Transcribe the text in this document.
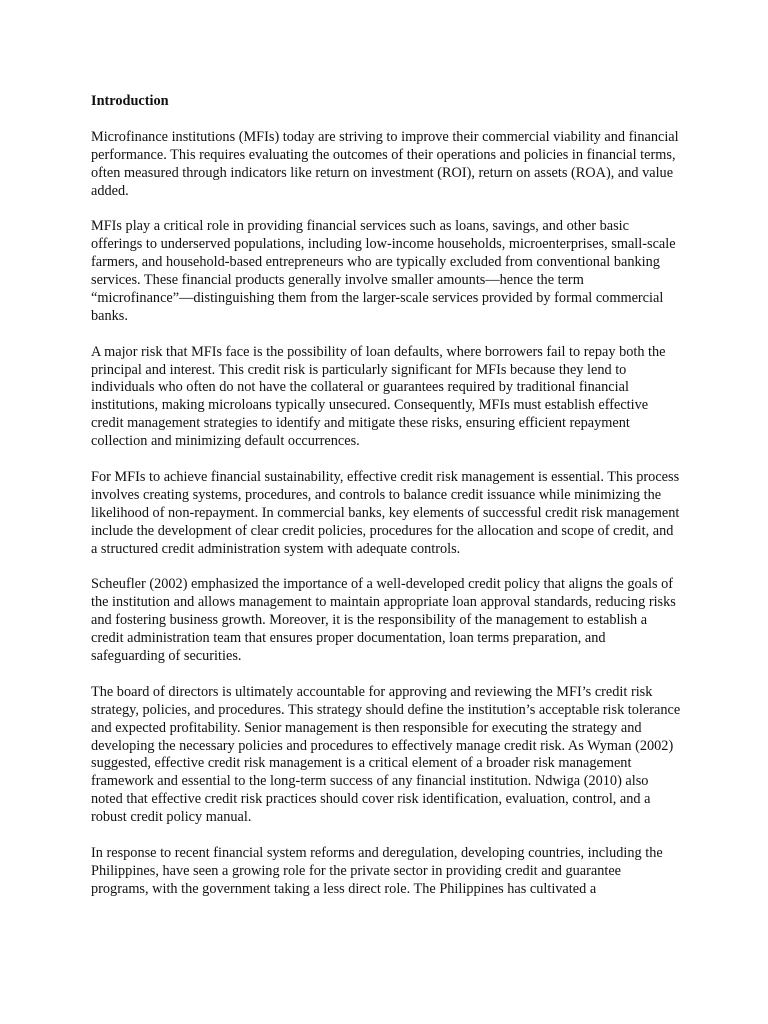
Introduction

Microfinance institutions (MFIs) today are striving to improve their commercial viability and financial performance. This requires evaluating the outcomes of their operations and policies in financial terms, often measured through indicators like return on investment (ROI), return on assets (ROA), and value added.

MFIs play a critical role in providing financial services such as loans, savings, and other basic offerings to underserved populations, including low-income households, microenterprises, small-scale farmers, and household-based entrepreneurs who are typically excluded from conventional banking services. These financial products generally involve smaller amounts—hence the term “microfinance”—distinguishing them from the larger-scale services provided by formal commercial banks.

A major risk that MFIs face is the possibility of loan defaults, where borrowers fail to repay both the principal and interest. This credit risk is particularly significant for MFIs because they lend to individuals who often do not have the collateral or guarantees required by traditional financial institutions, making microloans typically unsecured. Consequently, MFIs must establish effective credit management strategies to identify and mitigate these risks, ensuring efficient repayment collection and minimizing default occurrences.

For MFIs to achieve financial sustainability, effective credit risk management is essential. This process involves creating systems, procedures, and controls to balance credit issuance while minimizing the likelihood of non-repayment. In commercial banks, key elements of successful credit risk management include the development of clear credit policies, procedures for the allocation and scope of credit, and a structured credit administration system with adequate controls.

Scheufler (2002) emphasized the importance of a well-developed credit policy that aligns the goals of the institution and allows management to maintain appropriate loan approval standards, reducing risks and fostering business growth. Moreover, it is the responsibility of the management to establish a credit administration team that ensures proper documentation, loan terms preparation, and safeguarding of securities.

The board of directors is ultimately accountable for approving and reviewing the MFI’s credit risk strategy, policies, and procedures. This strategy should define the institution’s acceptable risk tolerance and expected profitability. Senior management is then responsible for executing the strategy and developing the necessary policies and procedures to effectively manage credit risk. As Wyman (2002) suggested, effective credit risk management is a critical element of a broader risk management framework and essential to the long-term success of any financial institution. Ndwiga (2010) also noted that effective credit risk practices should cover risk identification, evaluation, control, and a robust credit policy manual.

In response to recent financial system reforms and deregulation, developing countries, including the Philippines, have seen a growing role for the private sector in providing credit and guarantee programs, with the government taking a less direct role. The Philippines has cultivated a
